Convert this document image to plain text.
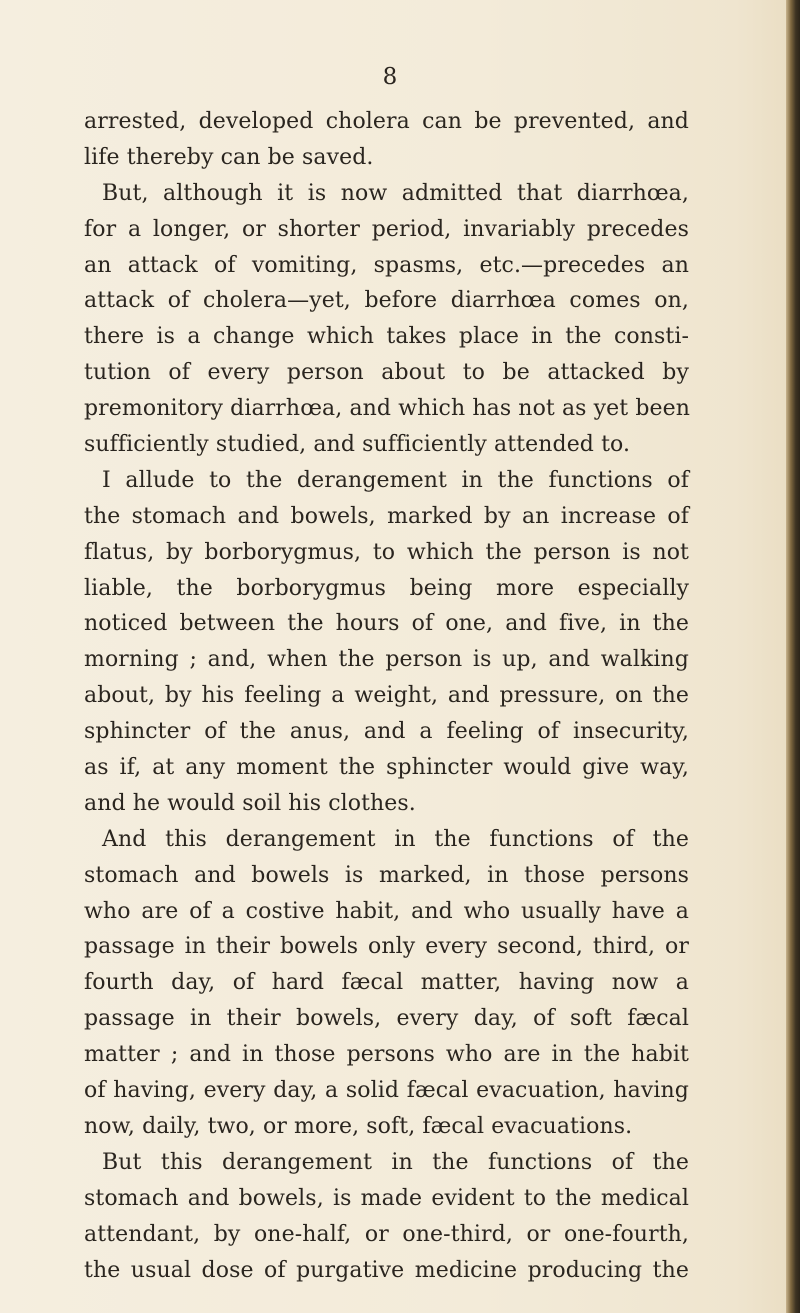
8
arrested, developed cholera can be prevented, and
life thereby can be saved.
But, although it is now admitted that diarrhœa,
for a longer, or shorter period, invariably precedes
an attack of vomiting, spasms, etc.—precedes an
attack of cholera—yet, before diarrhœa comes on,
there is a change which takes place in the consti-
tution of every person about to be attacked by
premonitory diarrhœa, and which has not as yet been
sufficiently studied, and sufficiently attended to.
I allude to the derangement in the functions of
the stomach and bowels, marked by an increase of
flatus, by borborygmus, to which the person is not
liable, the borborygmus being more especially
noticed between the hours of one, and five, in the
morning ; and, when the person is up, and walking
about, by his feeling a weight, and pressure, on the
sphincter of the anus, and a feeling of insecurity,
as if, at any moment the sphincter would give way,
and he would soil his clothes.
And this derangement in the functions of the
stomach and bowels is marked, in those persons
who are of a costive habit, and who usually have a
passage in their bowels only every second, third, or
fourth day, of hard fæcal matter, having now a
passage in their bowels, every day, of soft fæcal
matter ; and in those persons who are in the habit
of having, every day, a solid fæcal evacuation, having
now, daily, two, or more, soft, fæcal evacuations.
But this derangement in the functions of the
stomach and bowels, is made evident to the medical
attendant, by one-half, or one-third, or one-fourth,
the usual dose of purgative medicine producing the
